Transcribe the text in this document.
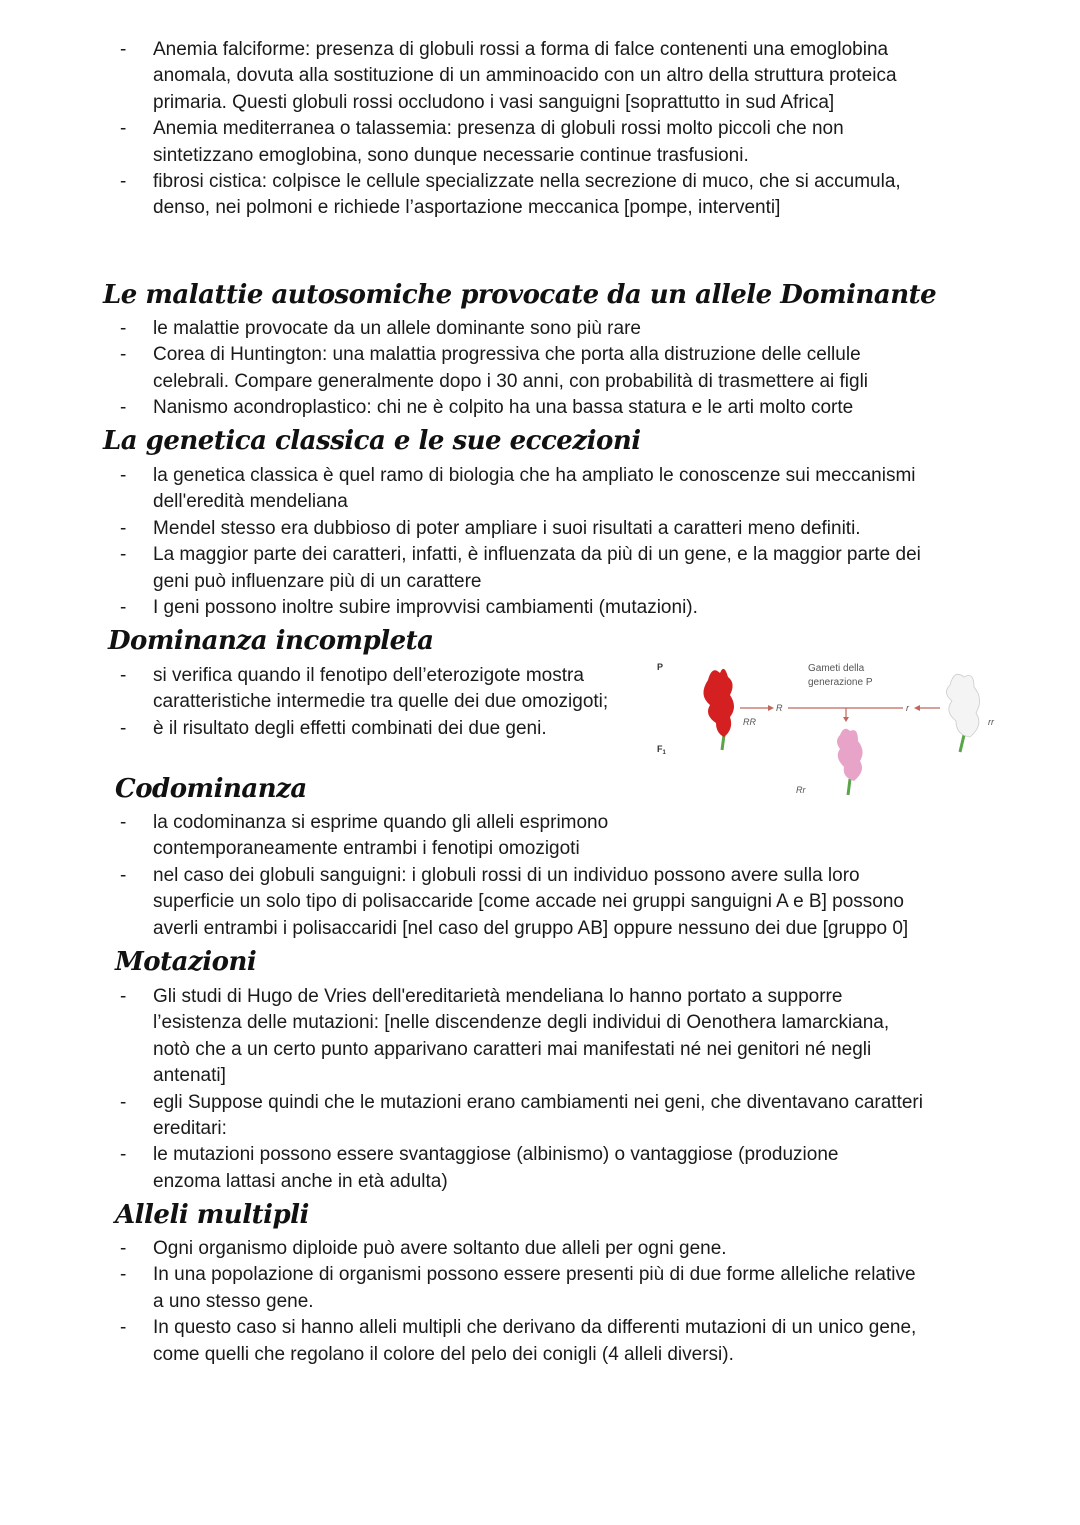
- Anemia falciforme: presenza di globuli rossi a forma di falce contenenti una emoglobina
anomala, dovuta alla sostituzione di un amminoacido con un altro della struttura proteica
primaria. Questi globuli rossi occludono i vasi sanguigni [soprattutto in sud Africa]
- Anemia mediterranea o talassemia: presenza di globuli rossi molto piccoli che non
sintetizzano emoglobina, sono dunque necessarie continue trasfusioni.
- fibrosi cistica: colpisce le cellule specializzate nella secrezione di muco, che si accumula,
denso, nei polmoni e richiede l’asportazione meccanica [pompe, interventi]
Le malattie autosomiche provocate da un allele Dominante
- le malattie provocate da un allele dominante sono più rare
- Corea di Huntington: una malattia progressiva che porta alla distruzione delle cellule
celebrali. Compare generalmente dopo i 30 anni, con probabilità di trasmettere ai figli
- Nanismo acondroplastico: chi ne è colpito ha una bassa statura e le arti molto corte
La genetica classica e le sue eccezioni
- la genetica classica è quel ramo di biologia che ha ampliato le conoscenze sui meccanismi
dell'eredità mendeliana
- Mendel stesso era dubbioso di poter ampliare i suoi risultati a caratteri meno definiti.
- La maggior parte dei caratteri, infatti, è influenzata da più di un gene, e la maggior parte dei
geni può influenzare più di un carattere
- I geni possono inoltre subire improvvisi cambiamenti (mutazioni).
Dominanza incompleta
- si verifica quando il fenotipo dell’eterozigote mostra
caratteristiche intermedie tra quelle dei due omozigoti;
- è il risultato degli effetti combinati dei due geni.
Codominanza
- la codominanza si esprime quando gli alleli esprimono
contemporaneamente entrambi i fenotipi omozigoti
- nel caso dei globuli sanguigni: i globuli rossi di un individuo possono avere sulla loro
superficie un solo tipo di polisaccaride [come accade nei gruppi sanguigni A e B] possono
averli entrambi i polisaccaridi [nel caso del gruppo AB] oppure nessuno dei due [gruppo 0]
Motazioni
- Gli studi di Hugo de Vries dell'ereditarietà mendeliana lo hanno portato a supporre
l’esistenza delle mutazioni: [nelle discendenze degli individui di Oenothera lamarckiana,
notò che a un certo punto apparivano caratteri mai manifestati né nei genitori né negli
antenati]
- egli Suppose quindi che le mutazioni erano cambiamenti nei geni, che diventavano caratteri
ereditari:
- le mutazioni possono essere svantaggiose (albinismo) o vantaggiose (produzione
enzoma lattasi anche in età adulta)
Alleli multipli
- Ogni organismo diploide può avere soltanto due alleli per ogni gene.
- In una popolazione di organismi possono essere presenti più di due forme alleliche relative
a uno stesso gene.
- In questo caso si hanno alleli multipli che derivano da differenti mutazioni di un unico gene,
come quelli che regolano il colore del pelo dei conigli (4 alleli diversi).
P
$F_1$
Gameti della
generazione P
RR
R	r
rr
Rr
